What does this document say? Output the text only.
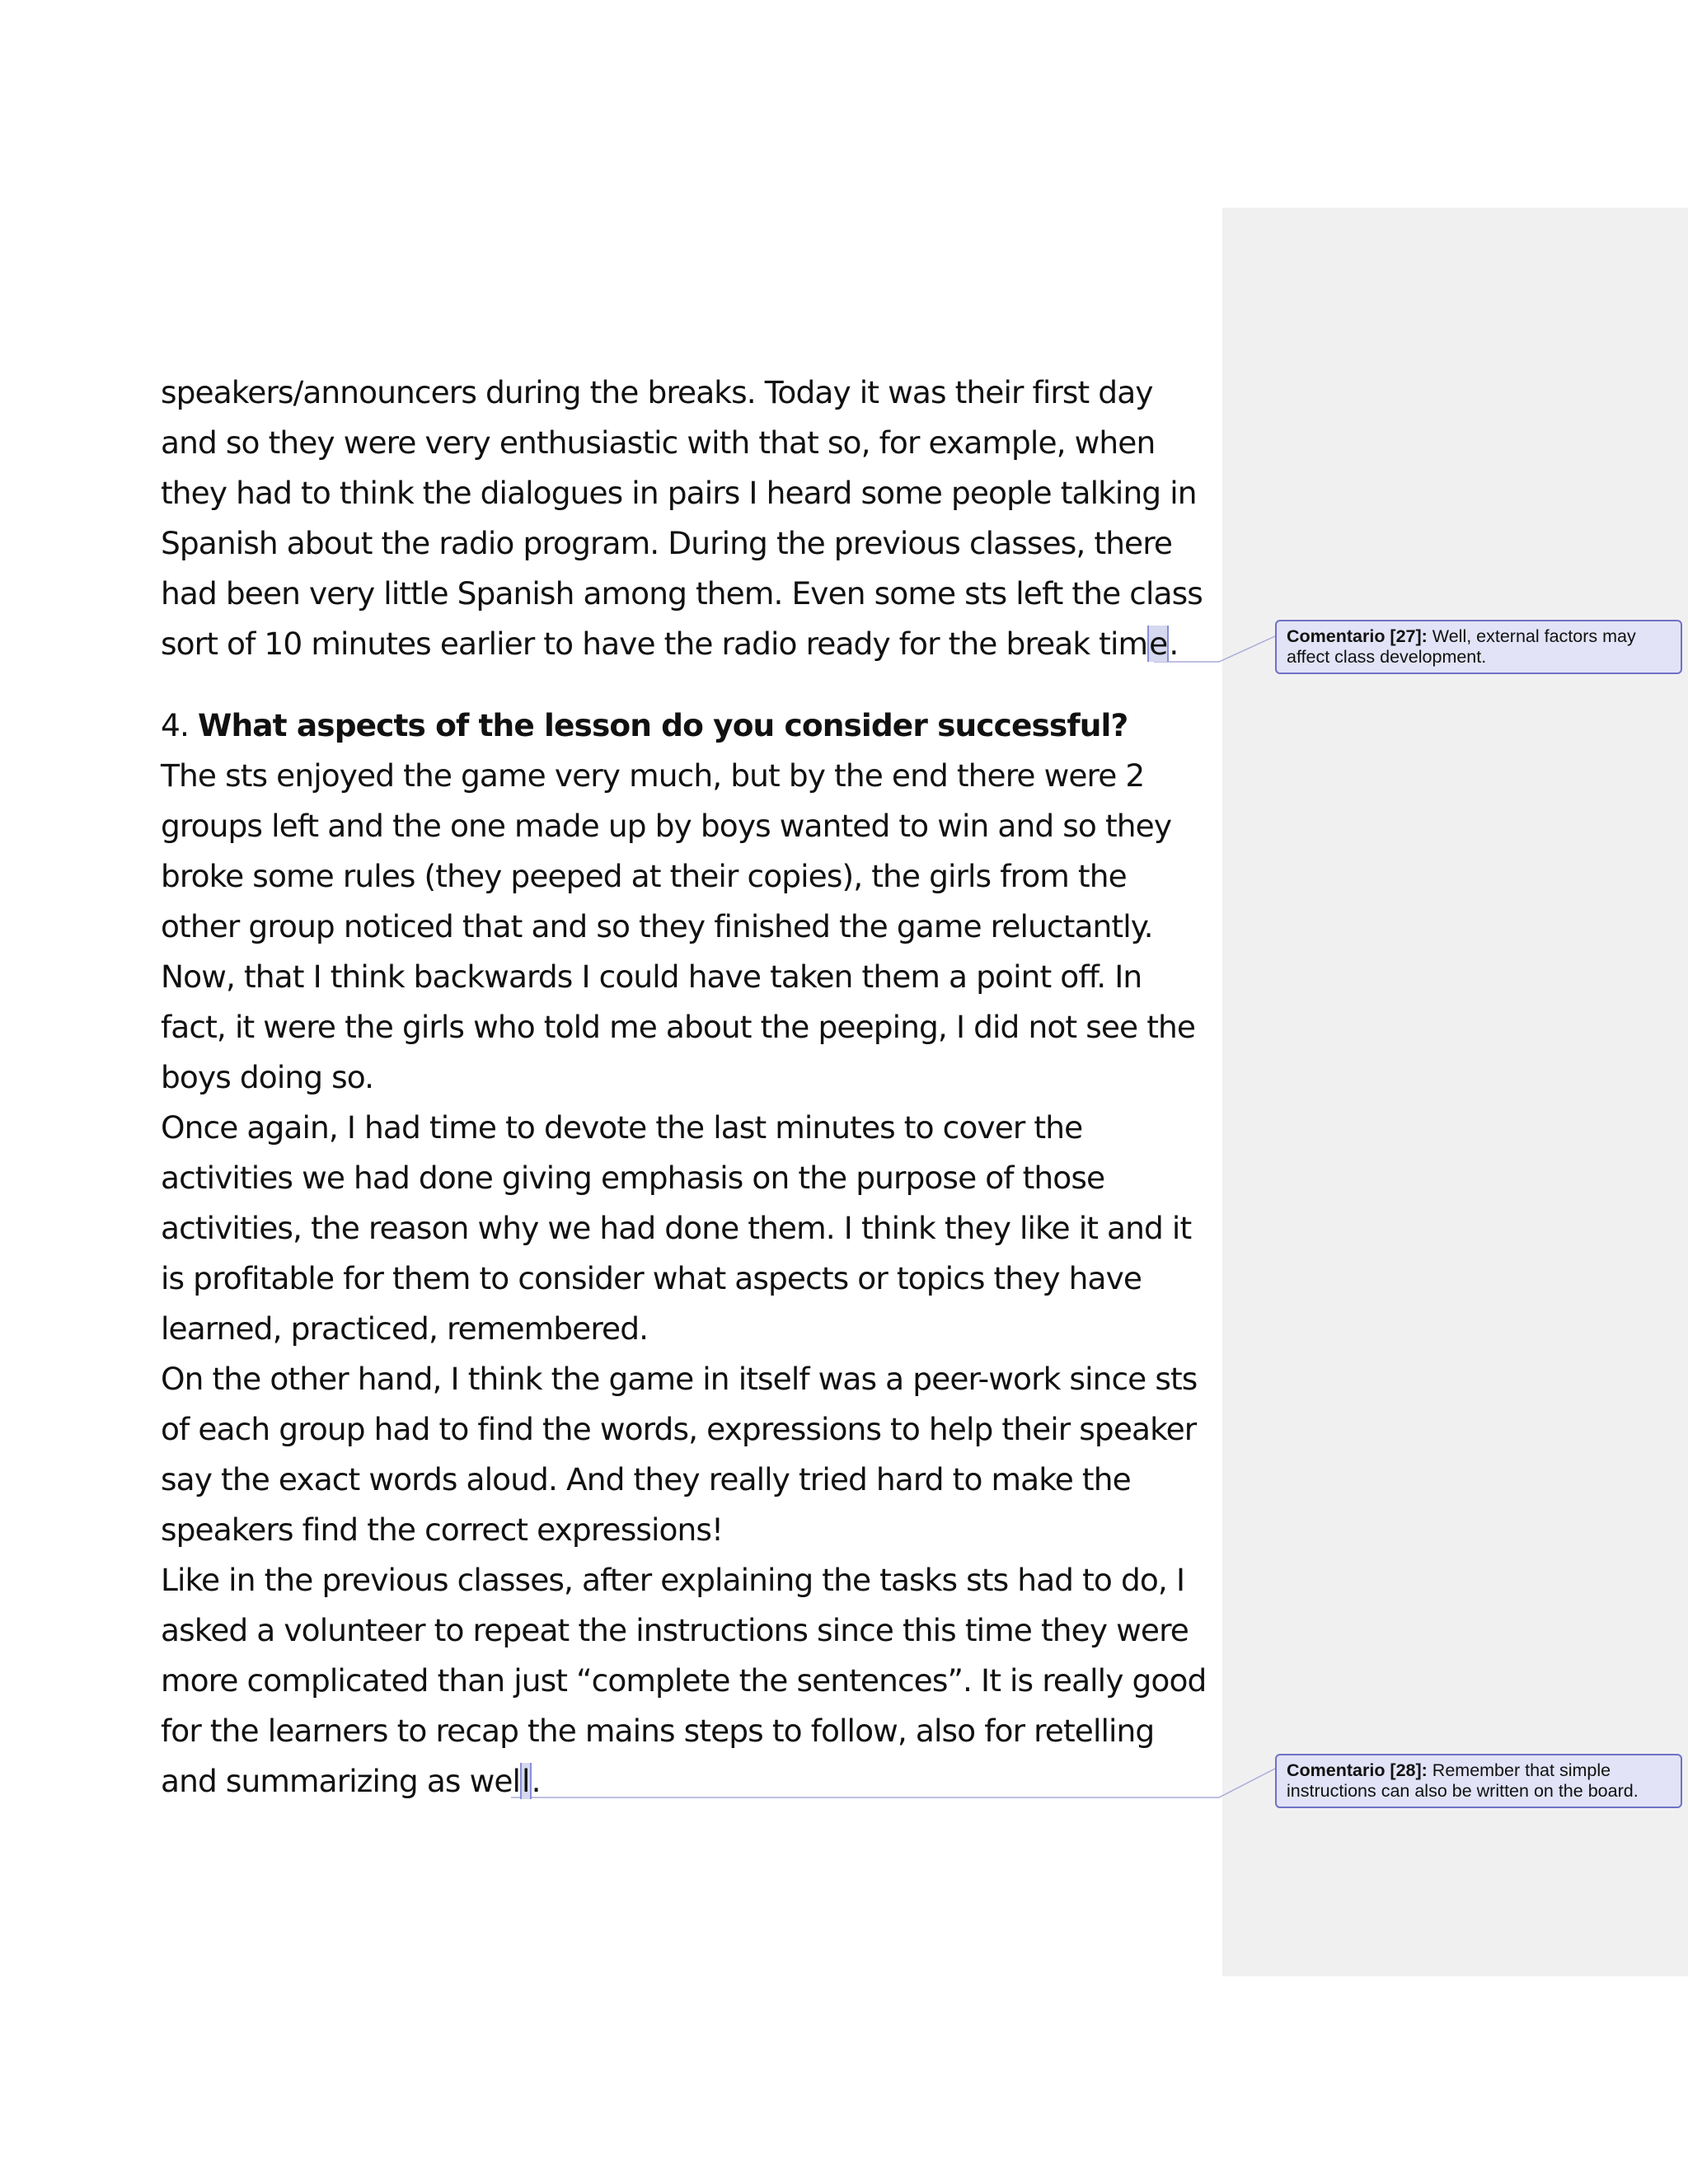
speakers/announcers during the breaks. Today it was their first day
and so they were very enthusiastic with that so, for example, when
they had to think the dialogues in pairs I heard some people talking in
Spanish about the radio program. During the previous classes, there
had been very little Spanish among them. Even some sts left the class
sort of 10 minutes earlier to have the radio ready for the break time.
4. What aspects of the lesson do you consider successful?
The sts enjoyed the game very much, but by the end there were 2
groups left and the one made up by boys wanted to win and so they
broke some rules (they peeped at their copies), the girls from the
other group noticed that and so they finished the game reluctantly.
Now, that I think backwards I could have taken them a point off. In
fact, it were the girls who told me about the peeping, I did not see the
boys doing so.
Once again, I had time to devote the last minutes to cover the
activities we had done giving emphasis on the purpose of those
activities, the reason why we had done them. I think they like it and it
is profitable for them to consider what aspects or topics they have
learned, practiced, remembered.
On the other hand, I think the game in itself was a peer-work since sts
of each group had to find the words, expressions to help their speaker
say the exact words aloud. And they really tried hard to make the
speakers find the correct expressions!
Like in the previous classes, after explaining the tasks sts had to do, I
asked a volunteer to repeat the instructions since this time they were
more complicated than just “complete the sentences”. It is really good
for the learners to recap the mains steps to follow, also for retelling
and summarizing as well.
Comentario [27]: Well, external factors may affect class development.
Comentario [28]: Remember that simple instructions can also be written on the board.
